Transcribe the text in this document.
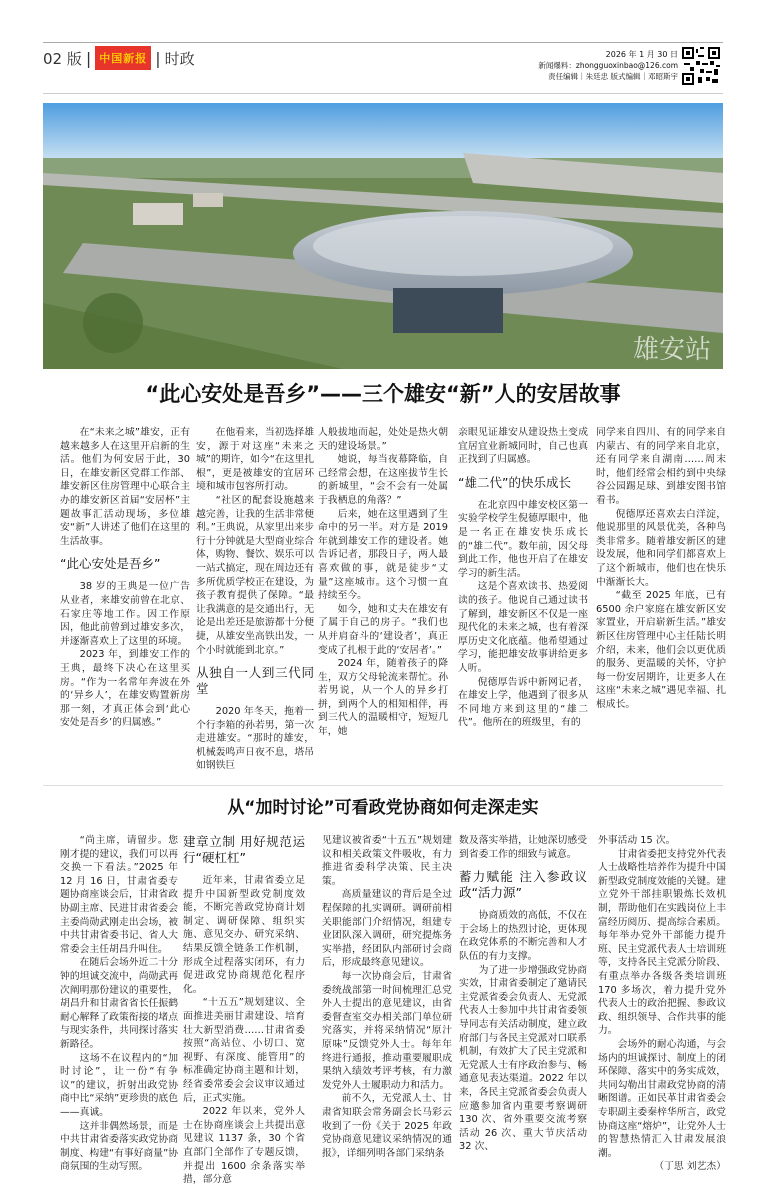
02 版 | 中国新报 | 时政	2026 年 1 月 30 日
新闻爆料：zhongguoxinbao@126.com
责任编辑｜朱廷忠 版式编辑｜邓昭斯宇
雄安站
“此心安处是吾乡”——三个雄安“新”人的安居故事

在“未来之城”雄安，正有越来越多人在这里开启新的生活。他们为何安居于此，30日，在雄安新区党群工作部、雄安新区住房管理中心联合主办的雄安新区首届“安居杯”主题故事汇活动现场，多位雄安“新”人讲述了他们在这里的生活故事。

“此心安处是吾乡”

38 岁的王典是一位广告从业者，来雄安前曾在北京、石家庄等地工作。因工作原因，他此前曾到过雄安多次，并逐渐喜欢上了这里的环境。

2023 年，到雄安工作的王典，最终下决心在这里买房。“作为一名常年奔波在外的‘异乡人’，在雄安购置新房那一刻，才真正体会到‘此心安处是吾乡’的归属感。”

在他看来，当初选择雄安，源于对这座“未来之城”的期许，如今“在这里扎根”，更是被雄安的宜居环境和城市包容所打动。

“社区的配套设施越来越完善，让我的生活非常便利。”王典说，从家里出来步行十分钟就是大型商业综合体，购物、餐饮、娱乐可以一站式搞定，现在周边还有多所优质学校正在建设，为孩子教育提供了保障。“最让我满意的是交通出行，无论是出差还是旅游都十分便捷，从雄安坐高铁出发，一个小时就能到北京。”

从独自一人到三代同堂

2020 年冬天，拖着一个行李箱的孙若男，第一次走进雄安。“那时的雄安，机械轰鸣声日夜不息，塔吊如钢铁巨

人般拔地而起，处处是热火朝天的建设场景。”

她说，每当夜幕降临，自己经常会想，在这座拔节生长的新城里，“会不会有一处属于我栖息的角落？”

后来，她在这里遇到了生命中的另一半。对方是 2019 年就到雄安工作的建设者。她告诉记者，那段日子，两人最喜欢做的事，就是徒步“丈量”这座城市。这个习惯一直持续至今。

如今，她和丈夫在雄安有了属于自己的房子。“我们也从并肩奋斗的‘建设者’，真正变成了扎根于此的‘安居者’。”

2024 年，随着孩子的降生，双方父母轮流来帮忙。孙若男说，从一个人的异乡打拼，到两个人的相知相伴，再到三代人的温暖相守，短短几年，她

亲眼见证雄安从建设热土变成宜居宜业新城同时，自己也真正找到了归属感。

“雄二代”的快乐成长

在北京四中雄安校区第一实验学校学生倪德厚眼中，他是一名正在雄安快乐成长的“雄二代”。数年前，因父母到此工作，他也开启了在雄安学习的新生活。

这是个喜欢读书、热爱阅读的孩子。他说自己通过读书了解到，雄安新区不仅是一座现代化的未来之城，也有着深厚历史文化底蕴。他希望通过学习，能把雄安故事讲给更多人听。

倪德厚告诉中新网记者，在雄安上学，他遇到了很多从不同地方来到这里的“雄二代”。他所在的班级里，有的

同学来自四川、有的同学来自内蒙古、有的同学来自北京，还有同学来自湖南……周末时，他们经常会相约到中央绿谷公园踢足球、到雄安图书馆看书。

倪德厚还喜欢去白洋淀，他说那里的风景优美，各种鸟类非常多。随着雄安新区的建设发展，他和同学们都喜欢上了这个新城市，他们也在快乐中渐渐长大。

“截至 2025 年底，已有 6500 余户家庭在雄安新区安家置业，开启崭新生活。”雄安新区住房管理中心主任陆长明介绍，未来，他们会以更优质的服务、更温暖的关怀，守护每一份安居期许，让更多人在这座“未来之城”遇见幸福、扎根成长。

从“加时讨论”可看政党协商如何走深走实

“尚主席，请留步。您刚才提的建议，我们可以再交换一下看法。”2025 年 12 月 16 日，甘肃省委专题协商座谈会后，甘肃省政协副主席、民进甘肃省委会主委尚勋武刚走出会场，被中共甘肃省委书记、省人大常委会主任胡昌升叫住。

在随后会场外近二十分钟的坦诚交流中，尚勋武再次阐明那份建议的重要性，胡昌升和甘肃省省长任振鹤耐心解释了政策衔接的堵点与现实条件，共同探讨落实新路径。

这场不在议程内的“加时讨论”，让一份“有争议”的建议，折射出政党协商中比“采纳”更珍贵的底色——真诚。

这并非偶然场景，而是中共甘肃省委落实政党协商制度、构建“有事好商量”协商氛围的生动写照。

建章立制 用好规范运行“硬杠杠”

近年来，甘肃省委立足提升中国新型政党制度效能，不断完善政党协商计划制定、调研保障、组织实施、意见交办、研究采纳、结果反馈全链条工作机制，形成全过程落实闭环，有力促进政党协商规范化程序化。

“十五五”规划建议、全面推进美丽甘肃建设、培育壮大新型消费……甘肃省委按照“高站位、小切口、宽视野、有深度、能管用”的标准确定协商主题和计划，经省委常委会会议审议通过后，正式实施。

2022 年以来，党外人士在协商座谈会上共提出意见建议 1137 条，30 个省直部门全部作了专题反馈，并提出 1600 余条落实举措，部分意

见建议被省委“十五五”规划建议和相关政策文件吸收，有力推进省委科学决策、民主决策。

高质量建议的背后是全过程保障的扎实调研。调研前相关职能部门介绍情况，组建专业团队深入调研，研究提炼务实举措，经团队内部研讨会商后，形成最终意见建议。

每一次协商会后，甘肃省委统战部第一时间梳理汇总党外人士提出的意见建议，由省委督查室交办相关部门单位研究落实，并将采纳情况“原汁原味”反馈党外人士。每年年终进行通报，推动重要履职成果纳入绩效考评考核，有力激发党外人士履职动力和活力。

前不久，无党派人士、甘肃省知联会常务副会长马彩云收到了一份《关于 2025 年政党协商意见建议采纳情况的通报》，详细列明各部门采纳条

数及落实举措，让她深切感受到省委工作的细致与诚意。

蓄力赋能 注入参政议政“活力源”

协商质效的高低，不仅在于会场上的热烈讨论，更体现在政党体系的不断完善和人才队伍的有力支撑。

为了进一步增强政党协商实效，甘肃省委制定了邀请民主党派省委会负责人、无党派代表人士参加中共甘肃省委领导同志有关活动制度，建立政府部门与各民主党派对口联系机制，有效扩大了民主党派和无党派人士有序政治参与、畅通意见表达渠道。2022 年以来，各民主党派省委会负责人应邀参加省内重要考察调研 130 次、省外重要交流考察活动 26 次、重大节庆活动 32 次、

外事活动 15 次。

甘肃省委把支持党外代表人士战略性培养作为提升中国新型政党制度效能的关键。建立党外干部挂职锻炼长效机制，帮助他们在实践岗位上丰富经历阅历、提高综合素质。每年举办党外干部能力提升班、民主党派代表人士培训班等，支持各民主党派分阶段、有重点举办各级各类培训班 170 多场次，着力提升党外代表人士的政治把握、参政议政、组织领导、合作共事的能力。

会场外的耐心沟通，与会场内的坦诚探讨、制度上的闭环保障、落实中的务实成效，共同勾勒出甘肃政党协商的清晰图谱。正如民革甘肃省委会专职副主委秦梓华所言，政党协商这座“熔炉”，让党外人士的智慧热情汇入甘肃发展浪潮。

（丁思 刘艺杰）
